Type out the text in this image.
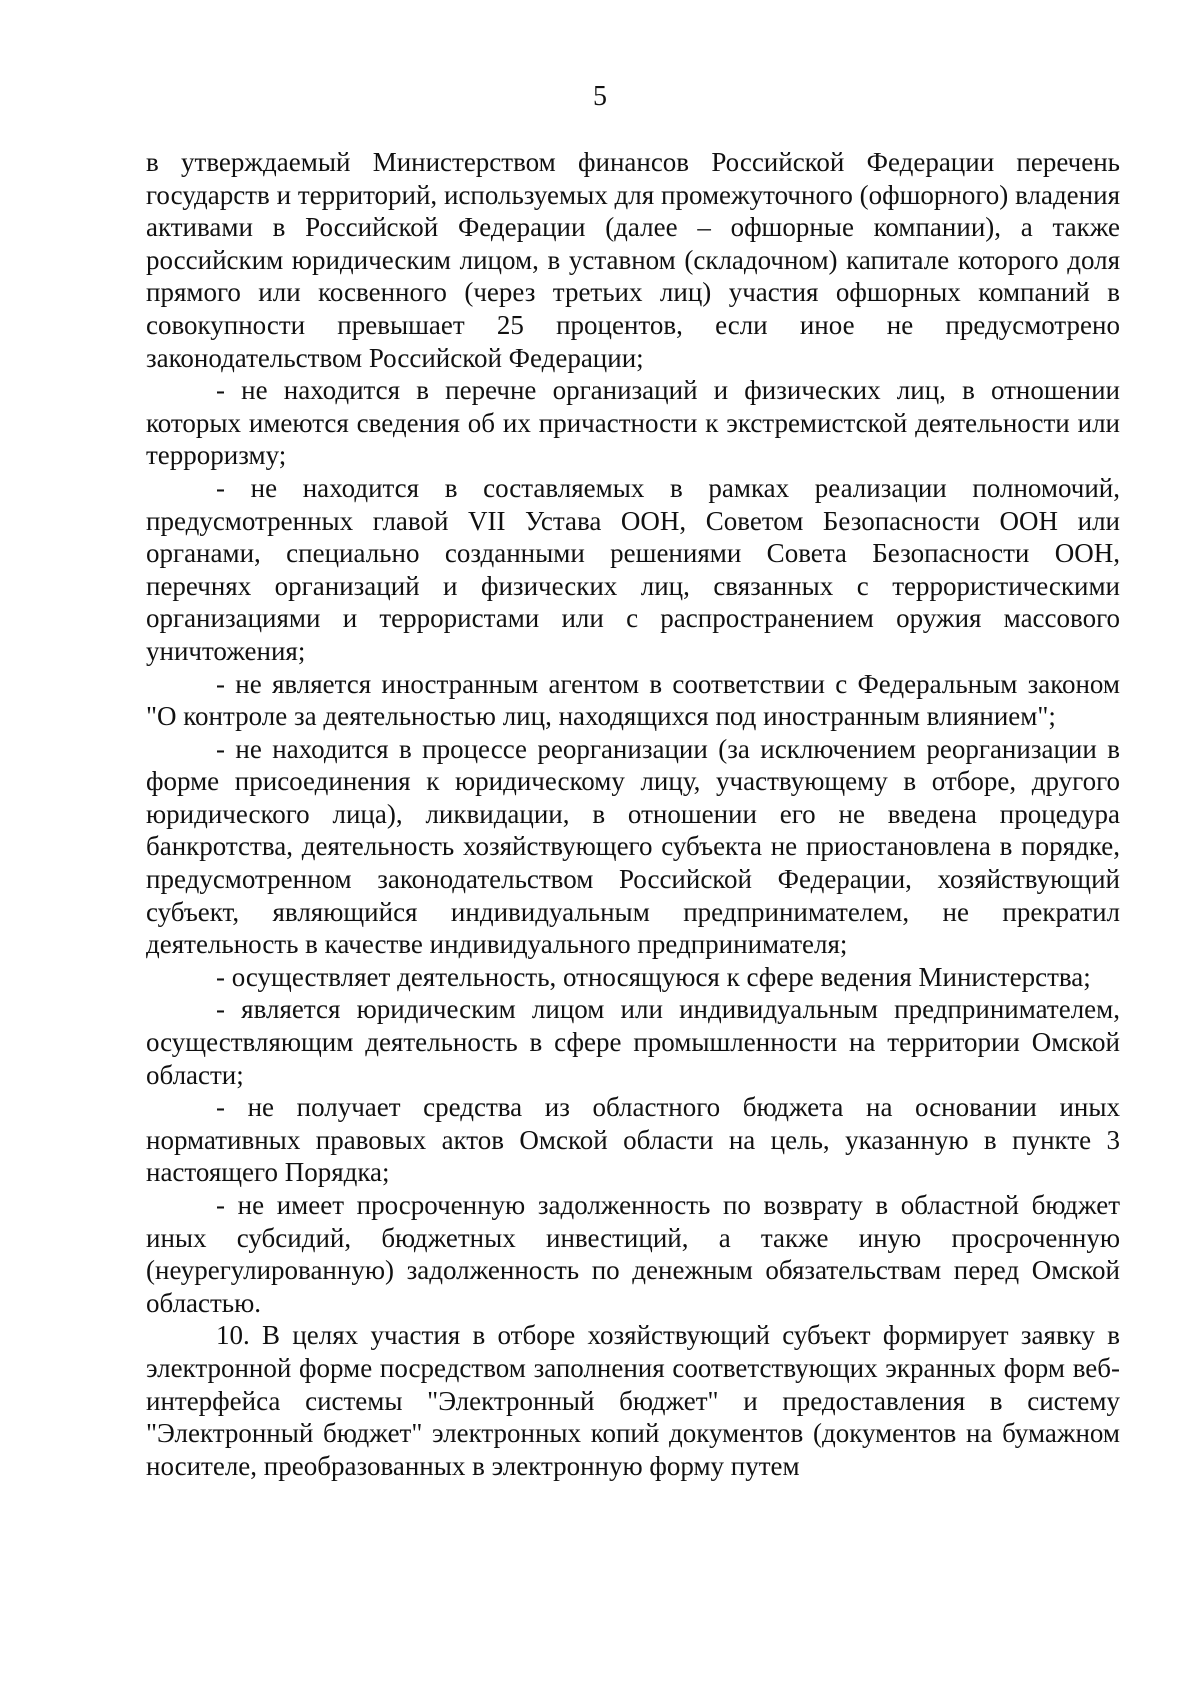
5

в утверждаемый Министерством финансов Российской Федерации перечень государств и территорий, используемых для промежуточного (офшорного) владения активами в Российской Федерации (далее – офшорные компании), а также российским юридическим лицом, в уставном (складочном) капитале которого доля прямого или косвенного (через третьих лиц) участия офшорных компаний в совокупности превышает 25 процентов, если иное не предусмотрено законодательством Российской Федерации;

- не находится в перечне организаций и физических лиц, в отношении которых имеются сведения об их причастности к экстремистской деятельности или терроризму;

- не находится в составляемых в рамках реализации полномочий, предусмотренных главой VII Устава ООН, Советом Безопасности ООН или органами, специально созданными решениями Совета Безопасности ООН, перечнях организаций и физических лиц, связанных с террористическими организациями и террористами или с распространением оружия массового уничтожения;

- не является иностранным агентом в соответствии с Федеральным законом "О контроле за деятельностью лиц, находящихся под иностранным влиянием";

- не находится в процессе реорганизации (за исключением реорганизации в форме присоединения к юридическому лицу, участвующему в отборе, другого юридического лица), ликвидации, в отношении его не введена процедура банкротства, деятельность хозяйствующего субъекта не приостановлена в порядке, предусмотренном законодательством Российской Федерации, хозяйствующий субъект, являющийся индивидуальным предпринимателем, не прекратил деятельность в качестве индивидуального предпринимателя;

- осуществляет деятельность, относящуюся к сфере ведения Министерства;

- является юридическим лицом или индивидуальным предпринимателем, осуществляющим деятельность в сфере промышленности на территории Омской области;

- не получает средства из областного бюджета на основании иных нормативных правовых актов Омской области на цель, указанную в пункте 3 настоящего Порядка;

- не имеет просроченную задолженность по возврату в областной бюджет иных субсидий, бюджетных инвестиций, а также иную просроченную (неурегулированную) задолженность по денежным обязательствам перед Омской областью.

10. В целях участия в отборе хозяйствующий субъект формирует заявку в электронной форме посредством заполнения соответствующих экранных форм веб-интерфейса системы "Электронный бюджет" и предоставления в систему "Электронный бюджет" электронных копий документов (документов на бумажном носителе, преобразованных в электронную форму путем
